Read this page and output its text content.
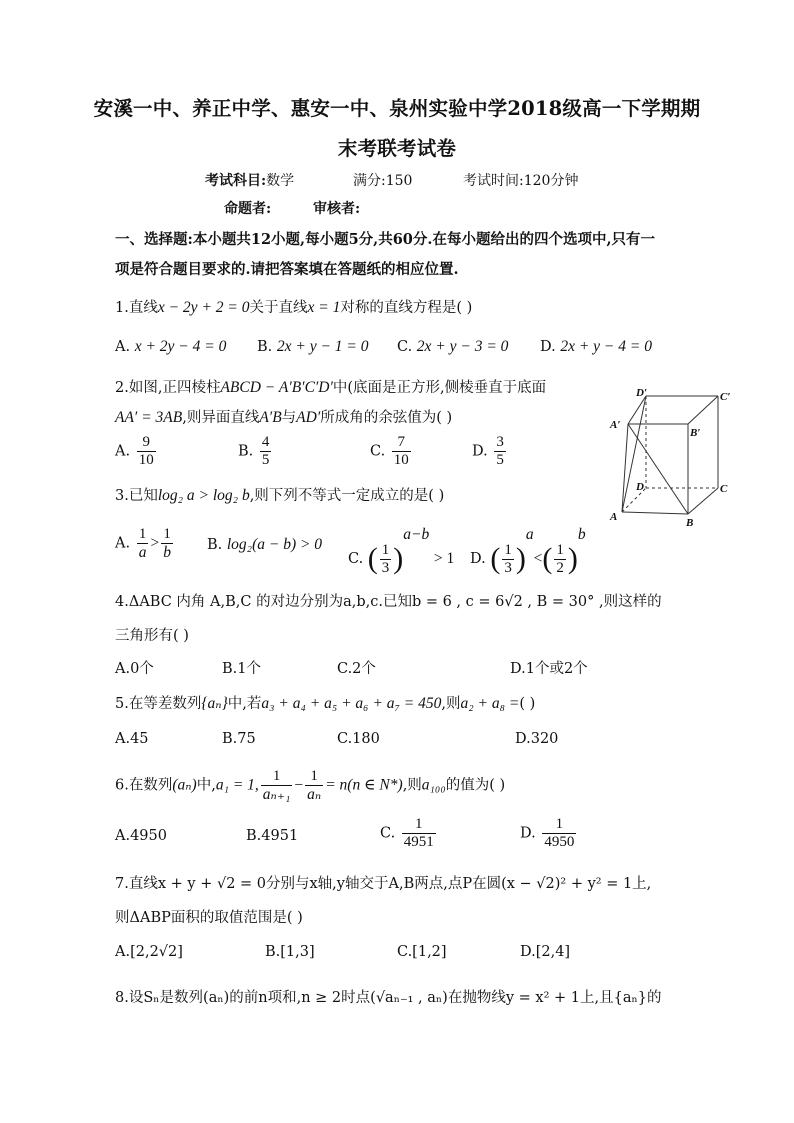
安溪一中、养正中学、惠安一中、泉州实验中学2018级高一下学期期
末考联考试卷
考试科目:数学	满分:150	考试时间:120分钟
命题者:	审核者:
一、选择题:本小题共12小题,每小题5分,共60分.在每小题给出的四个选项中,只有一
项是符合题目要求的.请把答案填在答题纸的相应位置.
1.直线x − 2y + 2 = 0关于直线x = 1对称的直线方程是( )
A. x + 2y − 4 = 0 B. 2x + y − 1 = 0 C. 2x + y − 3 = 0 D. 2x + y − 4 = 0
2.如图,正四棱柱ABCD − A′B′C′D′中(底面是正方形,侧棱垂直于底面
AA′ = 3AB,则异面直线A′B与AD′所成角的余弦值为( )
A. $\frac{9}{10}$	B. $\frac{4}{5}$	C. $\frac{7}{10}$	D. $\frac{3}{5}$
D′	C′
A′
B′
D	C
A	B
3.已知log₂ a > log₂ b,则下列不等式一定成立的是( )
A. $\frac{1}{a} > \frac{1}{b} B$. log₂(a − b) > 0
C. ( $\frac{1}{3} )^{a-b} > 1$ D. ( $\frac{1}{3} )^a<( \frac{1}{2} )^b$
4.ΔABC 内角 A,B,C 的对边分别为a,b,c.已知b = 6 , c = 6√2 , B = 30° ,则这样的
三角形有( )
A.0个	B.1个	C.2个	D.1个或2个
5.在等差数列{aₙ}中,若a₃ + a₄ + a₅ + a₆ + a₇ = 450,则a₂ + a₈ =( )
A.45	B.75	C.180	D.320
6.在数列(aₙ)中,a₁ = 1, $\frac{1}{\text{aₙ₊₁}} - \frac{1}{\text{aₙ}} = n(n$ ∈ N*),则a₁₀₀的值为( )
A.4950	B.4951	C. $\frac{1}{4951}$	D. $\frac{1}{4950}$
7.直线x + y + √2 = 0分别与x轴,y轴交于A,B两点,点P在圆(x − √2)² + y² = 1上,
则ΔABP面积的取值范围是( )
A.[2,2√2]	B.[1,3]	C.[1,2]	D.[2,4]
8.设Sₙ是数列(aₙ)的前n项和,n ≥ 2时点(√aₙ₋₁ , aₙ)在抛物线y = x² + 1上,且{aₙ}的
